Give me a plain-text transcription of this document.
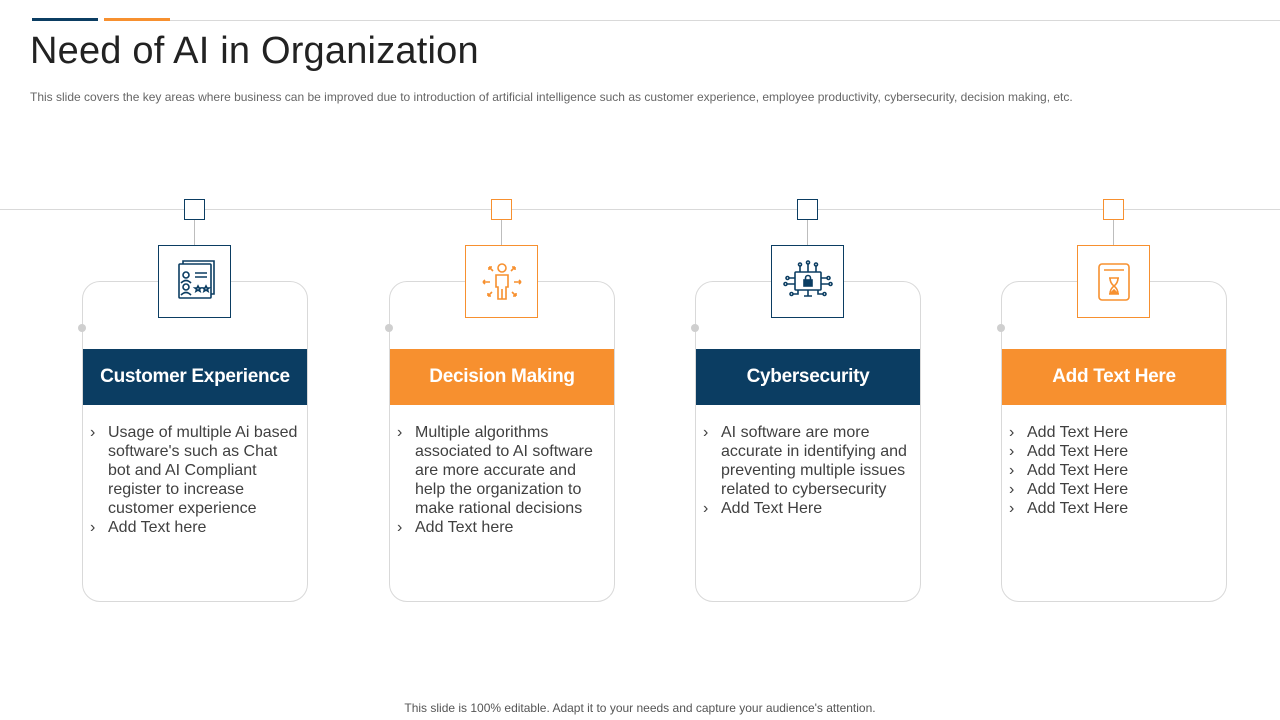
Need of AI in Organization

This slide covers the key areas where business can be improved due to introduction of artificial intelligence such as customer experience, employee productivity, cybersecurity, decision making, etc.

Customer Experience
› Usage of multiple Ai based software's such as Chat bot and AI Compliant register to increase customer experience
› Add Text here
Decision Making
› Multiple algorithms associated to AI software are more accurate and help the organization to make rational decisions
› Add Text here
Cybersecurity
› AI software are more accurate in identifying and preventing multiple issues related to cybersecurity
› Add Text Here
Add Text Here
› Add Text Here
› Add Text Here
› Add Text Here
› Add Text Here
› Add Text Here
This slide is 100% editable. Adapt it to your needs and capture your audience's attention.
